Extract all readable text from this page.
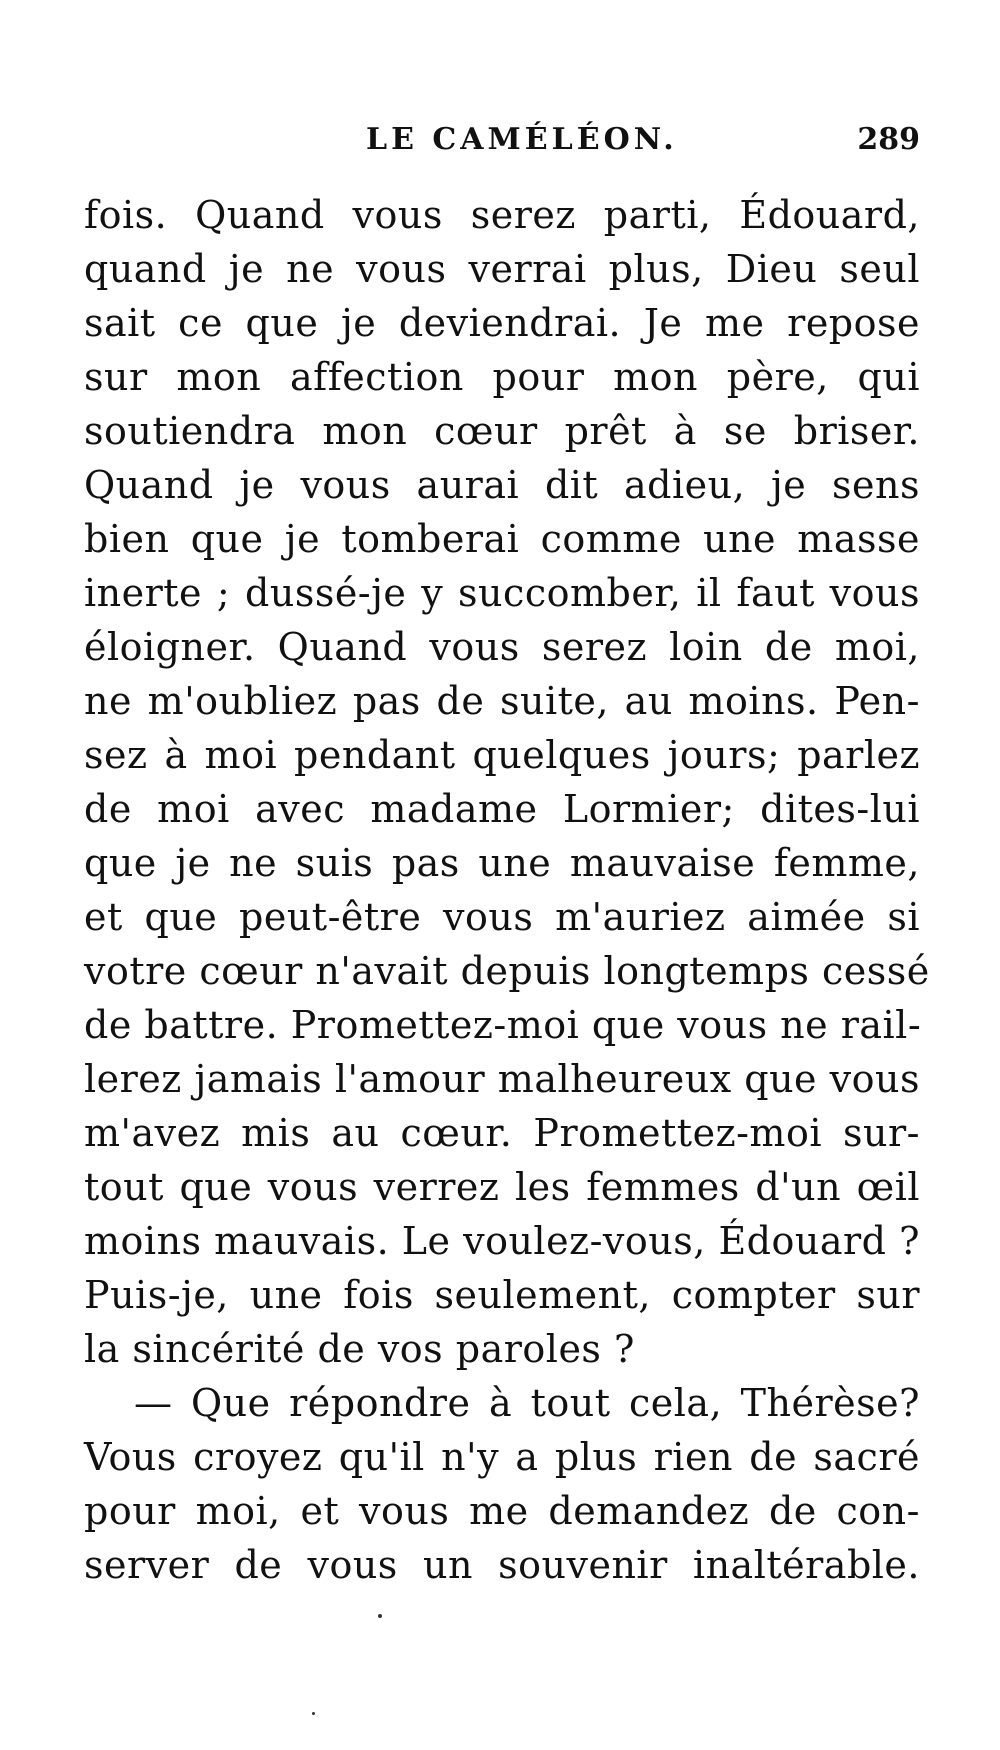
LE CAMÉLÉON.	289
fois. Quand vous serez parti, Édouard,
quand je ne vous verrai plus, Dieu seul
sait ce que je deviendrai. Je me repose
sur mon affection pour mon père, qui
soutiendra mon cœur prêt à se briser.
Quand je vous aurai dit adieu, je sens
bien que je tomberai comme une masse
inerte ; dussé-je y succomber, il faut vous
éloigner. Quand vous serez loin de moi,
ne m'oubliez pas de suite, au moins. Pen-
sez à moi pendant quelques jours; parlez
de moi avec madame Lormier; dites-lui
que je ne suis pas une mauvaise femme,
et que peut-être vous m'auriez aimée si
votre cœur n'avait depuis longtemps cessé
de battre. Promettez-moi que vous ne rail-
lerez jamais l'amour malheureux que vous
m'avez mis au cœur. Promettez-moi sur-
tout que vous verrez les femmes d'un œil
moins mauvais. Le voulez-vous, Édouard ?
Puis-je, une fois seulement, compter sur
la sincérité de vos paroles ?
— Que répondre à tout cela, Thérèse?
Vous croyez qu'il n'y a plus rien de sacré
pour moi, et vous me demandez de con-
server de vous un souvenir inaltérable.
